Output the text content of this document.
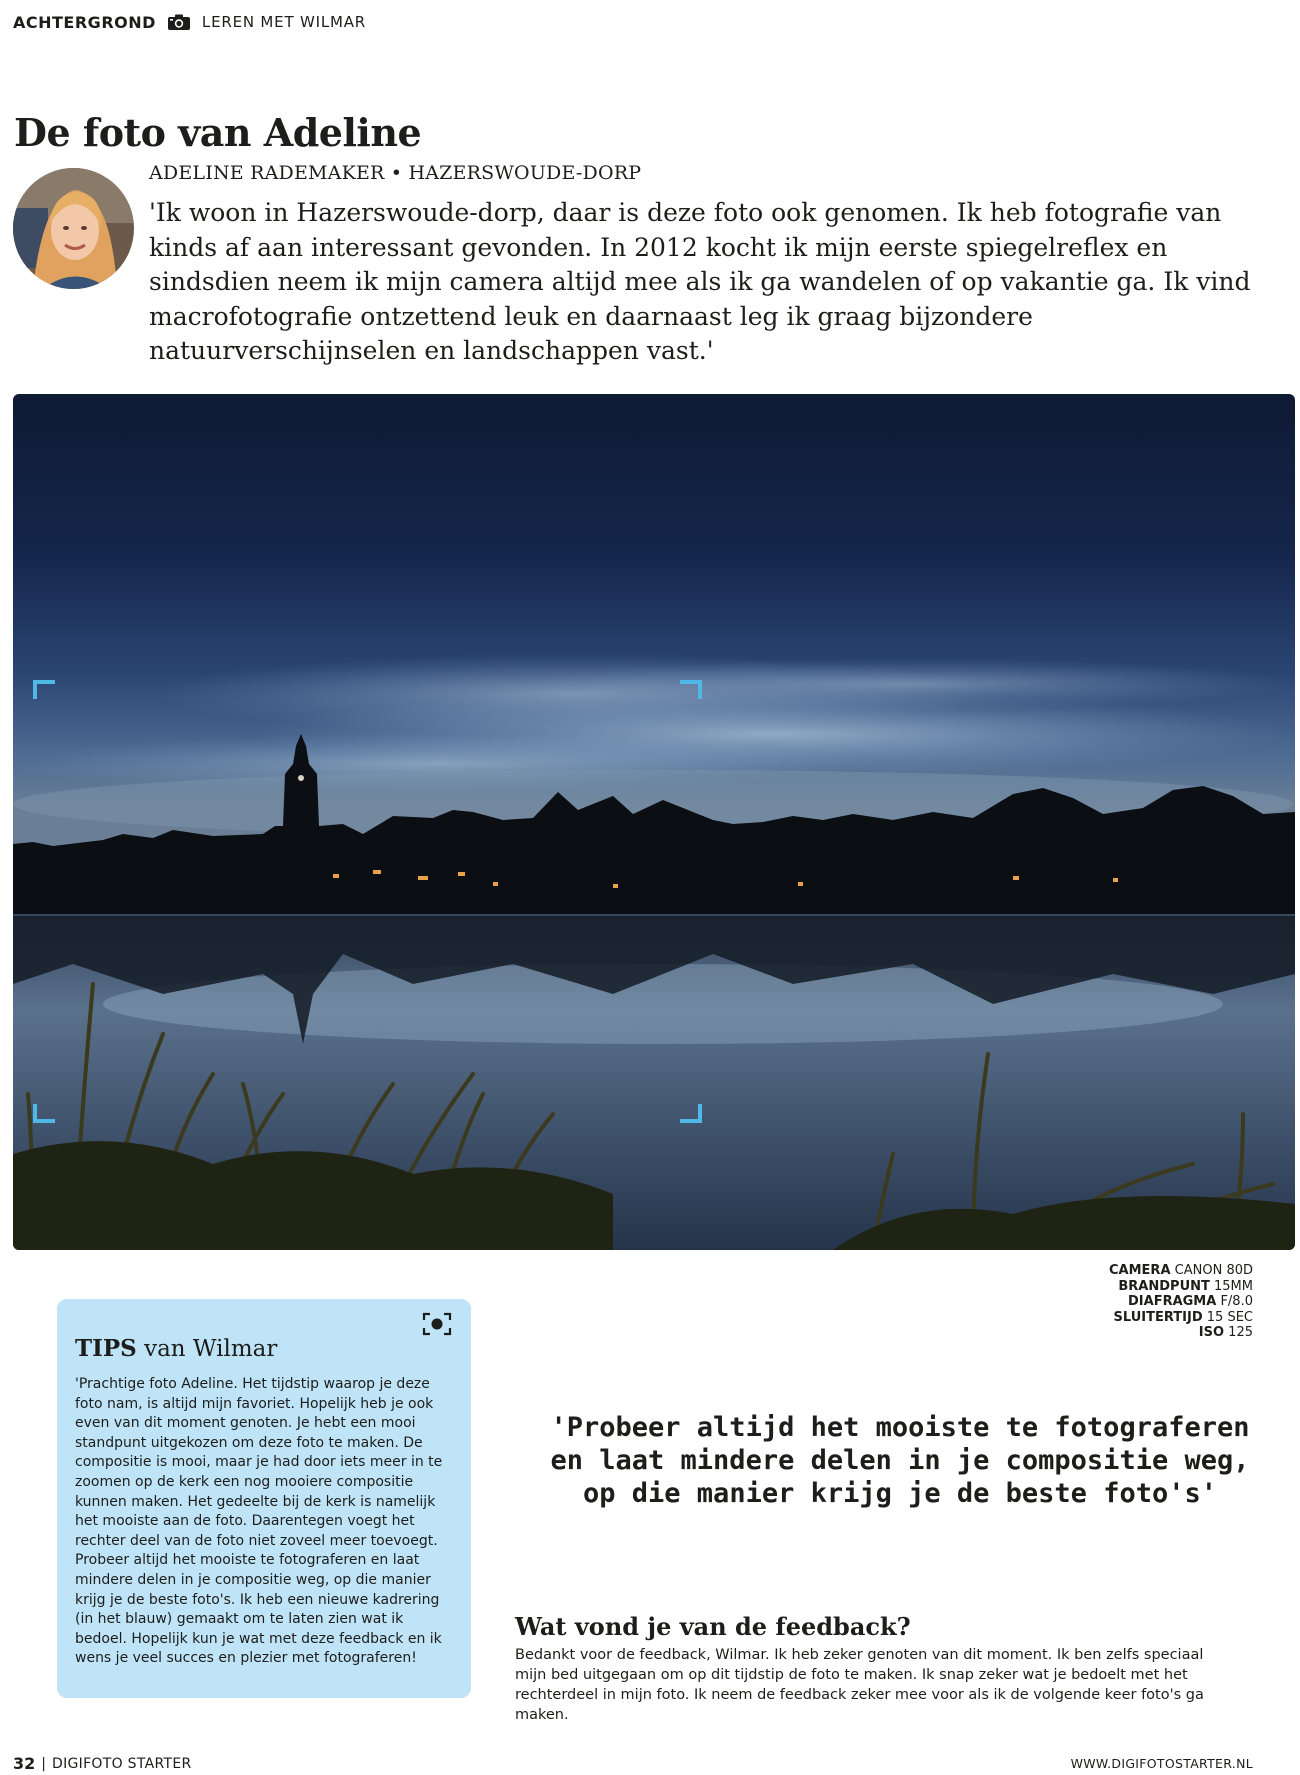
ACHTERGROND	LEREN MET WILMAR
De foto van Adeline
ADELINE RADEMAKER • HAZERSWOUDE-DORP

'Ik woon in Hazerswoude-dorp, daar is deze foto ook genomen. Ik heb fotografie van kinds af aan interessant gevonden. In 2012 kocht ik mijn eerste spiegelreflex en sindsdien neem ik mijn camera altijd mee als ik ga wandelen of op vakantie ga. Ik vind macrofotografie ontzettend leuk en daarnaast leg ik graag bijzondere natuurverschijnselen en landschappen vast.'

CAMERA CANON 80D
BRANDPUNT 15MM
DIAFRAGMA F/8.0
SLUITERTIJD 15 SEC
ISO 125
TIPS van Wilmar

'Prachtige foto Adeline. Het tijdstip waarop je deze foto nam, is altijd mijn favoriet. Hopelijk heb je ook even van dit moment genoten. Je hebt een mooi standpunt uitgekozen om deze foto te maken. De compositie is mooi, maar je had door iets meer in te zoomen op de kerk een nog mooiere compositie kunnen maken. Het gedeelte bij de kerk is namelijk het mooiste aan de foto. Daarentegen voegt het rechter deel van de foto niet zoveel meer toevoegt. Probeer altijd het mooiste te fotograferen en laat mindere delen in je compositie weg, op die manier krijg je de beste foto's. Ik heb een nieuwe kadrering (in het blauw) gemaakt om te laten zien wat ik bedoel. Hopelijk kun je wat met deze feedback en ik wens je veel succes en plezier met fotograferen!

'Probeer altijd het mooiste te fotograferen en laat mindere delen in je compositie weg, op die manier krijg je de beste foto's'

Wat vond je van de feedback?

Bedankt voor de feedback, Wilmar. Ik heb zeker genoten van dit moment. Ik ben zelfs speciaal mijn bed uitgegaan om op dit tijdstip de foto te maken. Ik snap zeker wat je bedoelt met het rechterdeel in mijn foto. Ik neem de feedback zeker mee voor als ik de volgende keer foto's ga maken.

32 | DIGIFOTO STARTER	WWW.DIGIFOTOSTARTER.NL
